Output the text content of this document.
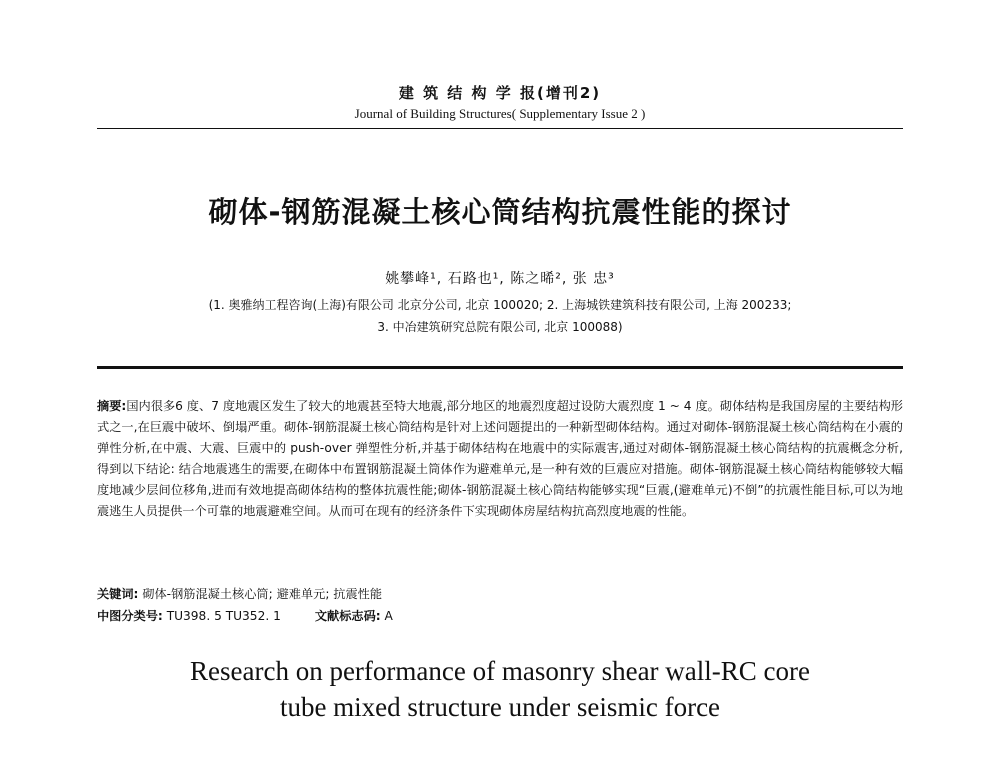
建 筑 结 构 学 报(增刊2)
Journal of Building Structures( Supplementary Issue 2 )
砌体-钢筋混凝土核心筒结构抗震性能的探讨
姚攀峰¹, 石路也¹, 陈之晞², 张 忠³
(1. 奥雅纳工程咨询(上海)有限公司 北京分公司, 北京 100020; 2. 上海城铁建筑科技有限公司, 上海 200233;
3. 中冶建筑研究总院有限公司, 北京 100088)
摘要:国内很多6 度、7 度地震区发生了较大的地震甚至特大地震,部分地区的地震烈度超过设防大震烈度 1 ~ 4 度。砌体结构是我国房屋的主要结构形式之一,在巨震中破坏、倒塌严重。砌体-钢筋混凝土核心筒结构是针对上述问题提出的一种新型砌体结构。通过对砌体-钢筋混凝土核心筒结构在小震的弹性分析,在中震、大震、巨震中的 push-over 弹塑性分析,并基于砌体结构在地震中的实际震害,通过对砌体-钢筋混凝土核心筒结构的抗震概念分析,得到以下结论: 结合地震逃生的需要,在砌体中布置钢筋混凝土筒体作为避难单元,是一种有效的巨震应对措施。砌体-钢筋混凝土核心筒结构能够较大幅度地减少层间位移角,进而有效地提高砌体结构的整体抗震性能;砌体-钢筋混凝土核心筒结构能够实现“巨震,(避难单元)不倒”的抗震性能目标,可以为地震逃生人员提供一个可靠的地震避难空间。从而可在现有的经济条件下实现砌体房屋结构抗高烈度地震的性能。
关键词: 砌体-钢筋混凝土核心筒; 避难单元; 抗震性能
中图分类号: TU398. 5 TU352. 1	文献标志码: A
Research on performance of masonry shear wall-RC core
tube mixed structure under seismic force
